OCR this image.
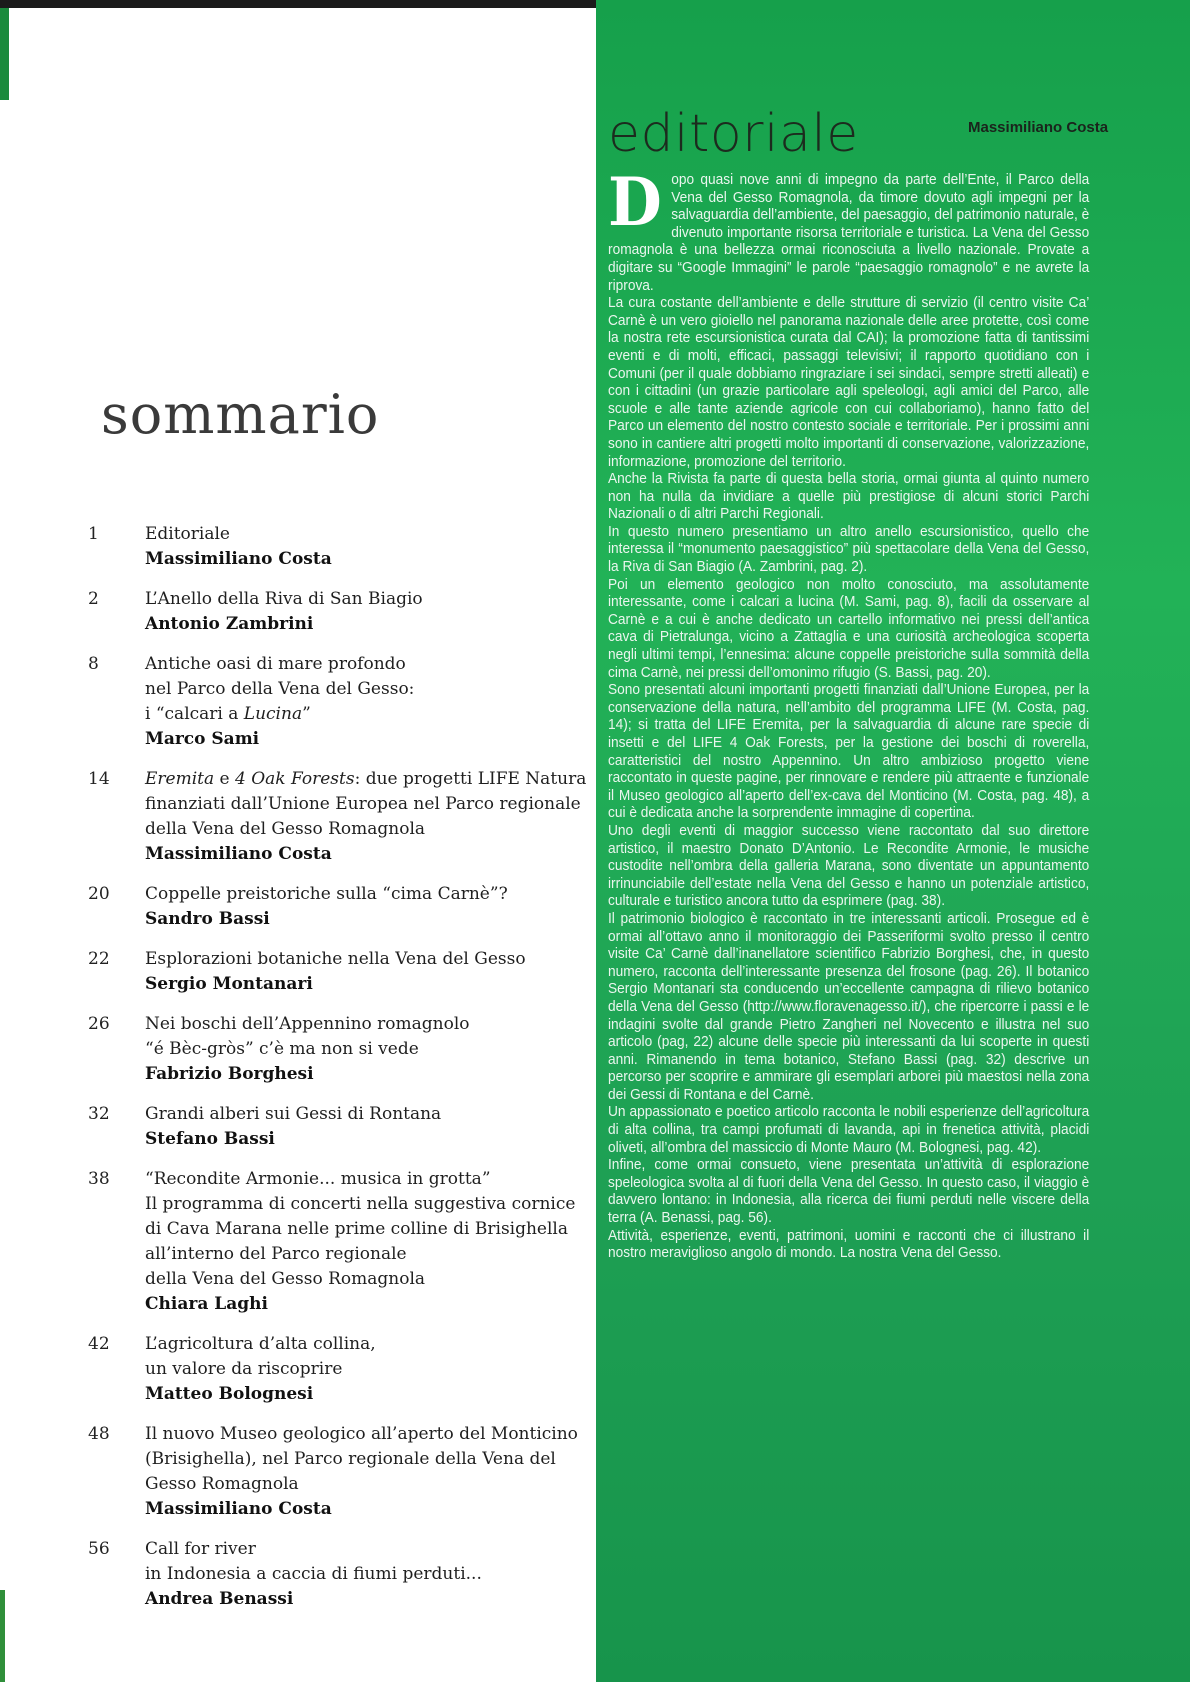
sommario
1	Editoriale
Massimiliano Costa
2	L’Anello della Riva di San Biagio
Antonio Zambrini
8	Antiche oasi di mare profondo
nel Parco della Vena del Gesso:
i “calcari a Lucina”
Marco Sami
14	Eremita e 4 Oak Forests: due progetti LIFE Natura
finanziati dall’Unione Europea nel Parco regionale
della Vena del Gesso Romagnola
Massimiliano Costa
20	Coppelle preistoriche sulla “cima Carnè”?
Sandro Bassi
22	Esplorazioni botaniche nella Vena del Gesso
Sergio Montanari
26	Nei boschi dell’Appennino romagnolo
“é Bèc-gròs” c’è ma non si vede
Fabrizio Borghesi
32	Grandi alberi sui Gessi di Rontana
Stefano Bassi
38	“Recondite Armonie... musica in grotta”
Il programma di concerti nella suggestiva cornice
di Cava Marana nelle prime colline di Brisighella
all’interno del Parco regionale
della Vena del Gesso Romagnola
Chiara Laghi
42	L’agricoltura d’alta collina,
un valore da riscoprire
Matteo Bolognesi
48	Il nuovo Museo geologico all’aperto del Monticino
(Brisighella), nel Parco regionale della Vena del
Gesso Romagnola
Massimiliano Costa
56	Call for river
in Indonesia a caccia di fiumi perduti...
Andrea Benassi
editoriale	Massimiliano Costa

Dopo quasi nove anni di impegno da parte dell’Ente, il Parco della Vena del Gesso Romagnola, da timore dovuto agli impegni per la salvaguardia dell’ambiente, del paesaggio, del patrimonio naturale, è divenuto importante risorsa territoriale e turistica. La Vena del Gesso romagnola è una bellezza ormai riconosciuta a livello nazionale. Provate a digitare su “Google Immagini” le parole “paesaggio romagnolo” e ne avrete la riprova.

La cura costante dell’ambiente e delle strutture di servizio (il centro visite Ca’ Carnè è un vero gioiello nel panorama nazionale delle aree protette, così come la nostra rete escursionistica curata dal CAI); la promozione fatta di tantissimi eventi e di molti, efficaci, passaggi televisivi; il rapporto quotidiano con i Comuni (per il quale dobbiamo ringraziare i sei sindaci, sempre stretti alleati) e con i cittadini (un grazie particolare agli speleologi, agli amici del Parco, alle scuole e alle tante aziende agricole con cui collaboriamo), hanno fatto del Parco un elemento del nostro contesto sociale e territoriale. Per i prossimi anni sono in cantiere altri progetti molto importanti di conservazione, valorizzazione, informazione, promozione del territorio.

Anche la Rivista fa parte di questa bella storia, ormai giunta al quinto numero non ha nulla da invidiare a quelle più prestigiose di alcuni storici Parchi Nazionali o di altri Parchi Regionali.

In questo numero presentiamo un altro anello escursionistico, quello che interessa il “monumento paesaggistico” più spettacolare della Vena del Gesso, la Riva di San Biagio (A. Zambrini, pag. 2).

Poi un elemento geologico non molto conosciuto, ma assolutamente interessante, come i calcari a lucina (M. Sami, pag. 8), facili da osservare al Carnè e a cui è anche dedicato un cartello informativo nei pressi dell’antica cava di Pietralunga, vicino a Zattaglia e una curiosità archeologica scoperta negli ultimi tempi, l’ennesima: alcune coppelle preistoriche sulla sommità della cima Carnè, nei pressi dell’omonimo rifugio (S. Bassi, pag. 20).

Sono presentati alcuni importanti progetti finanziati dall’Unione Europea, per la conservazione della natura, nell’ambito del programma LIFE (M. Costa, pag. 14); si tratta del LIFE Eremita, per la salvaguardia di alcune rare specie di insetti e del LIFE 4 Oak Forests, per la gestione dei boschi di roverella, caratteristici del nostro Appennino. Un altro ambizioso progetto viene raccontato in queste pagine, per rinnovare e rendere più attraente e funzionale il Museo geologico all’aperto dell’ex-cava del Monticino (M. Costa, pag. 48), a cui è dedicata anche la sorprendente immagine di copertina.

Uno degli eventi di maggior successo viene raccontato dal suo direttore artistico, il maestro Donato D’Antonio. Le Recondite Armonie, le musiche custodite nell’ombra della galleria Marana, sono diventate un appuntamento irrinunciabile dell’estate nella Vena del Gesso e hanno un potenziale artistico, culturale e turistico ancora tutto da esprimere (pag. 38).

Il patrimonio biologico è raccontato in tre interessanti articoli. Prosegue ed è ormai all’ottavo anno il monitoraggio dei Passeriformi svolto presso il centro visite Ca’ Carnè dall’inanellatore scientifico Fabrizio Borghesi, che, in questo numero, racconta dell’interessante presenza del frosone (pag. 26). Il botanico Sergio Montanari sta conducendo un’eccellente campagna di rilievo botanico della Vena del Gesso (http://www.floravenagesso.it/), che ripercorre i passi e le indagini svolte dal grande Pietro Zangheri nel Novecento e illustra nel suo articolo (pag, 22) alcune delle specie più interessanti da lui scoperte in questi anni. Rimanendo in tema botanico, Stefano Bassi (pag. 32) descrive un percorso per scoprire e ammirare gli esemplari arborei più maestosi nella zona dei Gessi di Rontana e del Carnè.

Un appassionato e poetico articolo racconta le nobili esperienze dell’agricoltura di alta collina, tra campi profumati di lavanda, api in frenetica attività, placidi oliveti, all’ombra del massiccio di Monte Mauro (M. Bolognesi, pag. 42).

Infine, come ormai consueto, viene presentata un’attività di esplorazione speleologica svolta al di fuori della Vena del Gesso. In questo caso, il viaggio è davvero lontano: in Indonesia, alla ricerca dei fiumi perduti nelle viscere della terra (A. Benassi, pag. 56).

Attività, esperienze, eventi, patrimoni, uomini e racconti che ci illustrano il nostro meraviglioso angolo di mondo. La nostra Vena del Gesso.
